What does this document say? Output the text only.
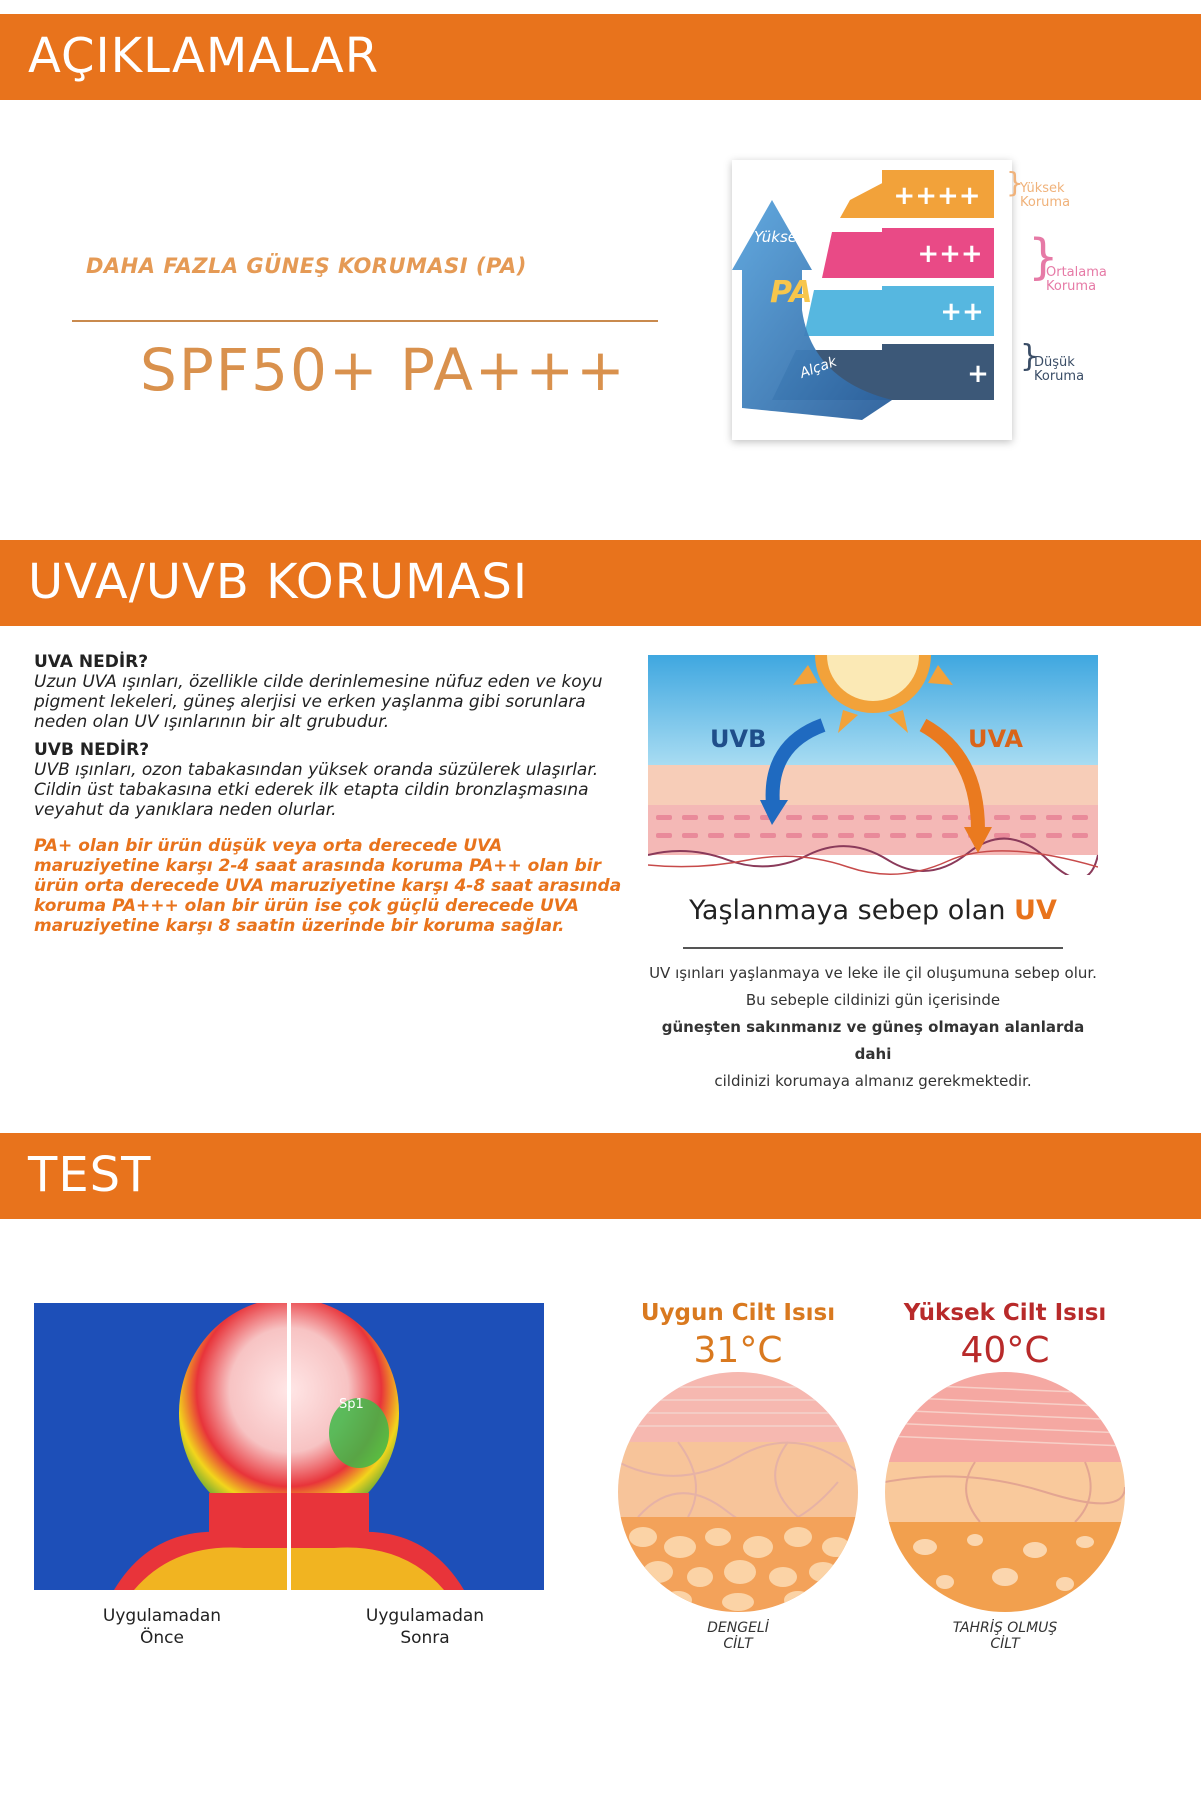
AÇIKLAMALAR
DAHA FAZLA GÜNEŞ KORUMASI (PA)
SPF50+ PA+++
Yüksek
PA
Alçak
++++
+++
++
+
}
Yüksek
Koruma
}
Ortalama
Koruma
}
Düşük
Koruma
UVA/UVB KORUMASI
UVA NEDİR?

Uzun UVA ışınları, özellikle cilde derinlemesine nüfuz eden ve koyu pigment lekeleri, güneş alerjisi ve erken yaşlanma gibi sorunlara neden olan UV ışınlarının bir alt grubudur.

UVB NEDİR?

UVB ışınları, ozon tabakasından yüksek oranda süzülerek ulaşırlar. Cildin üst tabakasına etki ederek ilk etapta cildin bronzlaşmasına veyahut da yanıklara neden olurlar.

PA+ olan bir ürün düşük veya orta derecede UVA maruziyetine karşı 2-4 saat arasında koruma PA++ olan bir ürün orta derecede UVA maruziyetine karşı 4-8 saat arasında koruma PA+++ olan bir ürün ise çok güçlü derecede UVA maruziyetine karşı 8 saatin üzerinde bir koruma sağlar.

UVB	UVA
Yaşlanmaya sebep olan UV
UV ışınları yaşlanmaya ve leke ile çil oluşumuna sebep olur.
Bu sebeple cildinizi gün içerisinde
güneşten sakınmanız ve güneş olmayan alanlarda dahi
cildinizi korumaya almanız gerekmektedir.
TEST
Sp1
Uygulamadan
Önce
Uygulamadan
Sonra
Uygun Cilt Isısı
31°C
Yüksek Cilt Isısı
40°C
DENGELİ
CİLT
TAHRİŞ OLMUŞ
CİLT
